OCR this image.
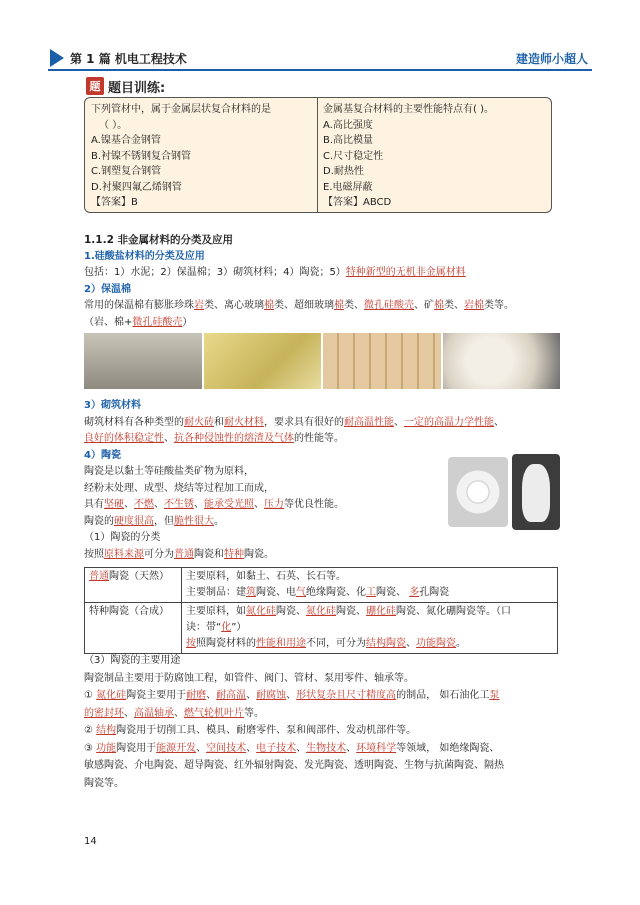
第 1 篇 机电工程技术	建造师小超人
题 题目训练:
下列管材中，属于金属层状复合材料的是
（ ）。
A.镍基合金钢管
B.衬镍不锈钢复合钢管
C.钢塑复合钢管
D.衬聚四氟乙烯钢管
【答案】B
金属基复合材料的主要性能特点有( )。
A.高比强度
B.高比模量
C.尺寸稳定性
D.耐热性
E.电磁屏蔽
【答案】ABCD
1.1.2 非金属材料的分类及应用
1.硅酸盐材料的分类及应用
包括：1）水泥；2）保温棉；3）砌筑材料；4）陶瓷；5）特种新型的无机非金属材料
2）保温棉
常用的保温棉有膨胀珍珠岩类、离心玻璃棉类、超细玻璃棉类、微孔硅酸壳、矿棉类、岩棉类等。
（岩、棉+微孔硅酸壳）
3）砌筑材料
砌筑材料有各种类型的耐火砖和耐火材料，要求具有很好的耐高温性能、一定的高温力学性能、
良好的体积稳定性、抗各种侵蚀性的熔渣及气体的性能等。
4）陶瓷
陶瓷是以黏土等硅酸盐类矿物为原料，
经粉末处理、成型、烧结等过程加工而成，
具有坚硬、不燃、不生锈、能承受光照、压力等优良性能。
陶瓷的硬度很高，但脆性很大。
（1）陶瓷的分类
按照原料来源可分为普通陶瓷和特种陶瓷。
普通陶瓷（天然）	主要原料，如黏土、石英、长石等。
主要制品：建筑陶瓷、电气绝缘陶瓷、化工陶瓷、 多孔陶瓷

特种陶瓷（合成）	主要原料，如氮化硅陶瓷、氮化硅陶瓷、硼化硅陶瓷、氮化硼陶瓷等。（口
诀：带“化”）
按照陶瓷材料的性能和用途不同，可分为结构陶瓷、功能陶瓷。
（3）陶瓷的主要用途
陶瓷制品主要用于防腐蚀工程，如管件、阀门、管材、泵用零件、轴承等。
① 氮化硅陶瓷主要用于耐磨、耐高温、耐腐蚀、形状复杂且尺寸精度高的制品， 如石油化工泵
的密封环、高温轴承、燃气轮机叶片等。
② 结构陶瓷用于切削工具、模具、耐磨零件、泵和阀部件、发动机部件等。
③ 功能陶瓷用于能源开发、空间技术、电子技术、生物技术、环境科学等领域， 如绝缘陶瓷、
敏感陶瓷、介电陶瓷、超导陶瓷、红外辐射陶瓷、发光陶瓷、透明陶瓷、生物与抗菌陶瓷、隔热
陶瓷等。
14
